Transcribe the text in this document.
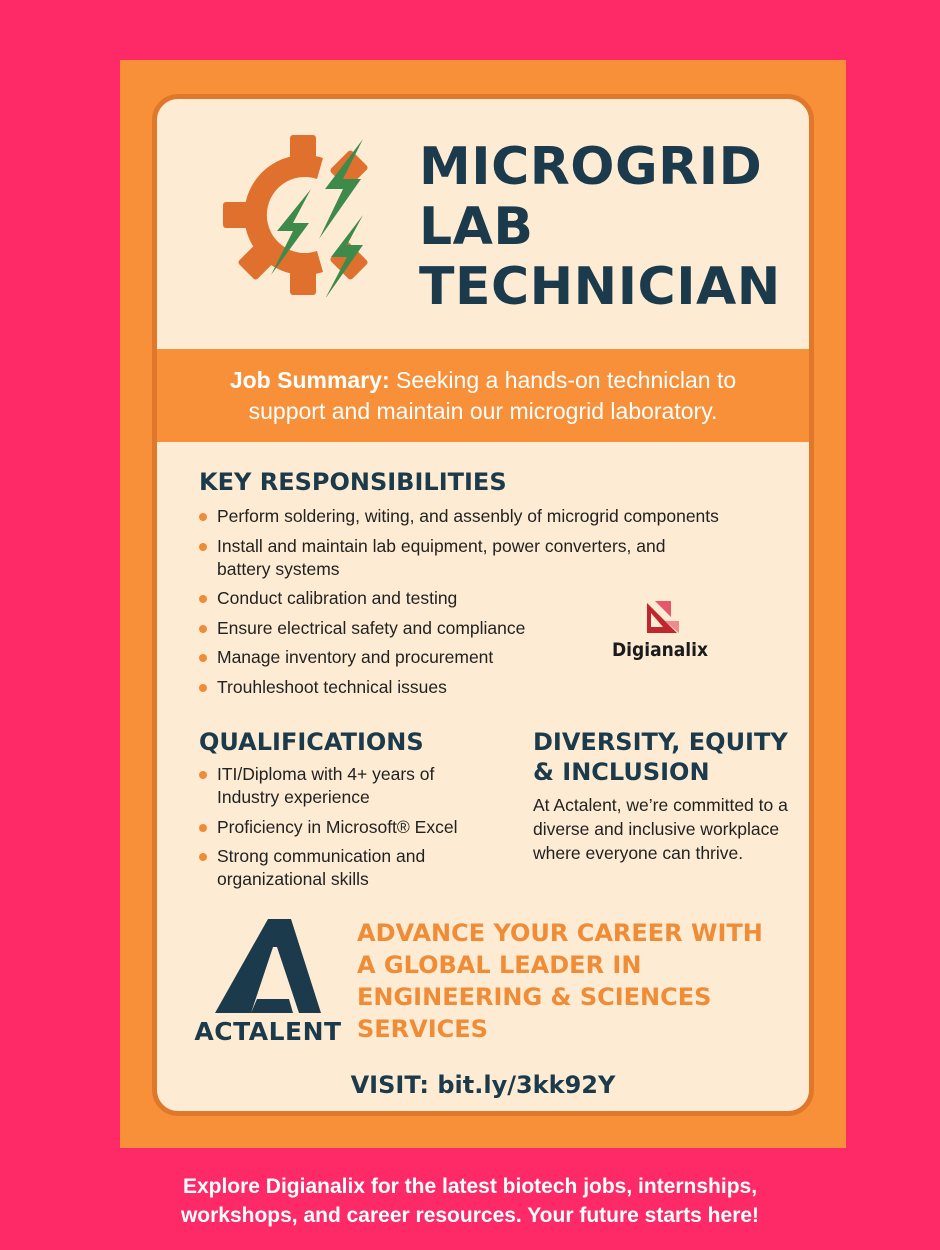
MICROGRID
LAB
TECHNICIAN
Job Summary: Seeking a hands-on techniclan to
support and maintain our microgrid laboratory.
KEY RESPONSIBILITIES
Perform soldering, witing, and assenbly of microgrid components
Install and maintain lab equipment, power converters, and battery systems
Conduct calibration and testing
Ensure electrical safety and compliance
Manage inventory and procurement
Trouhleshoot technical issues
Digianalix
QUALIFICATIONS
ITI/Diploma with 4+ years of Industry experience
Proficiency in Microsoft® Excel
Strong communication and organizational skills
DIVERSITY, EQUITY
& INCLUSION
At Actalent, we’re committed to a diverse and inclusive workplace where everyone can thrive.
ACTALENT
ADVANCE YOUR CAREER WITH
A GLOBAL LEADER IN
ENGINEERING & SCIENCES
SERVICES
VISIT: bit.ly/3kk92Y
Explore Digianalix for the latest biotech jobs, internships,
workshops, and career resources. Your future starts here!
